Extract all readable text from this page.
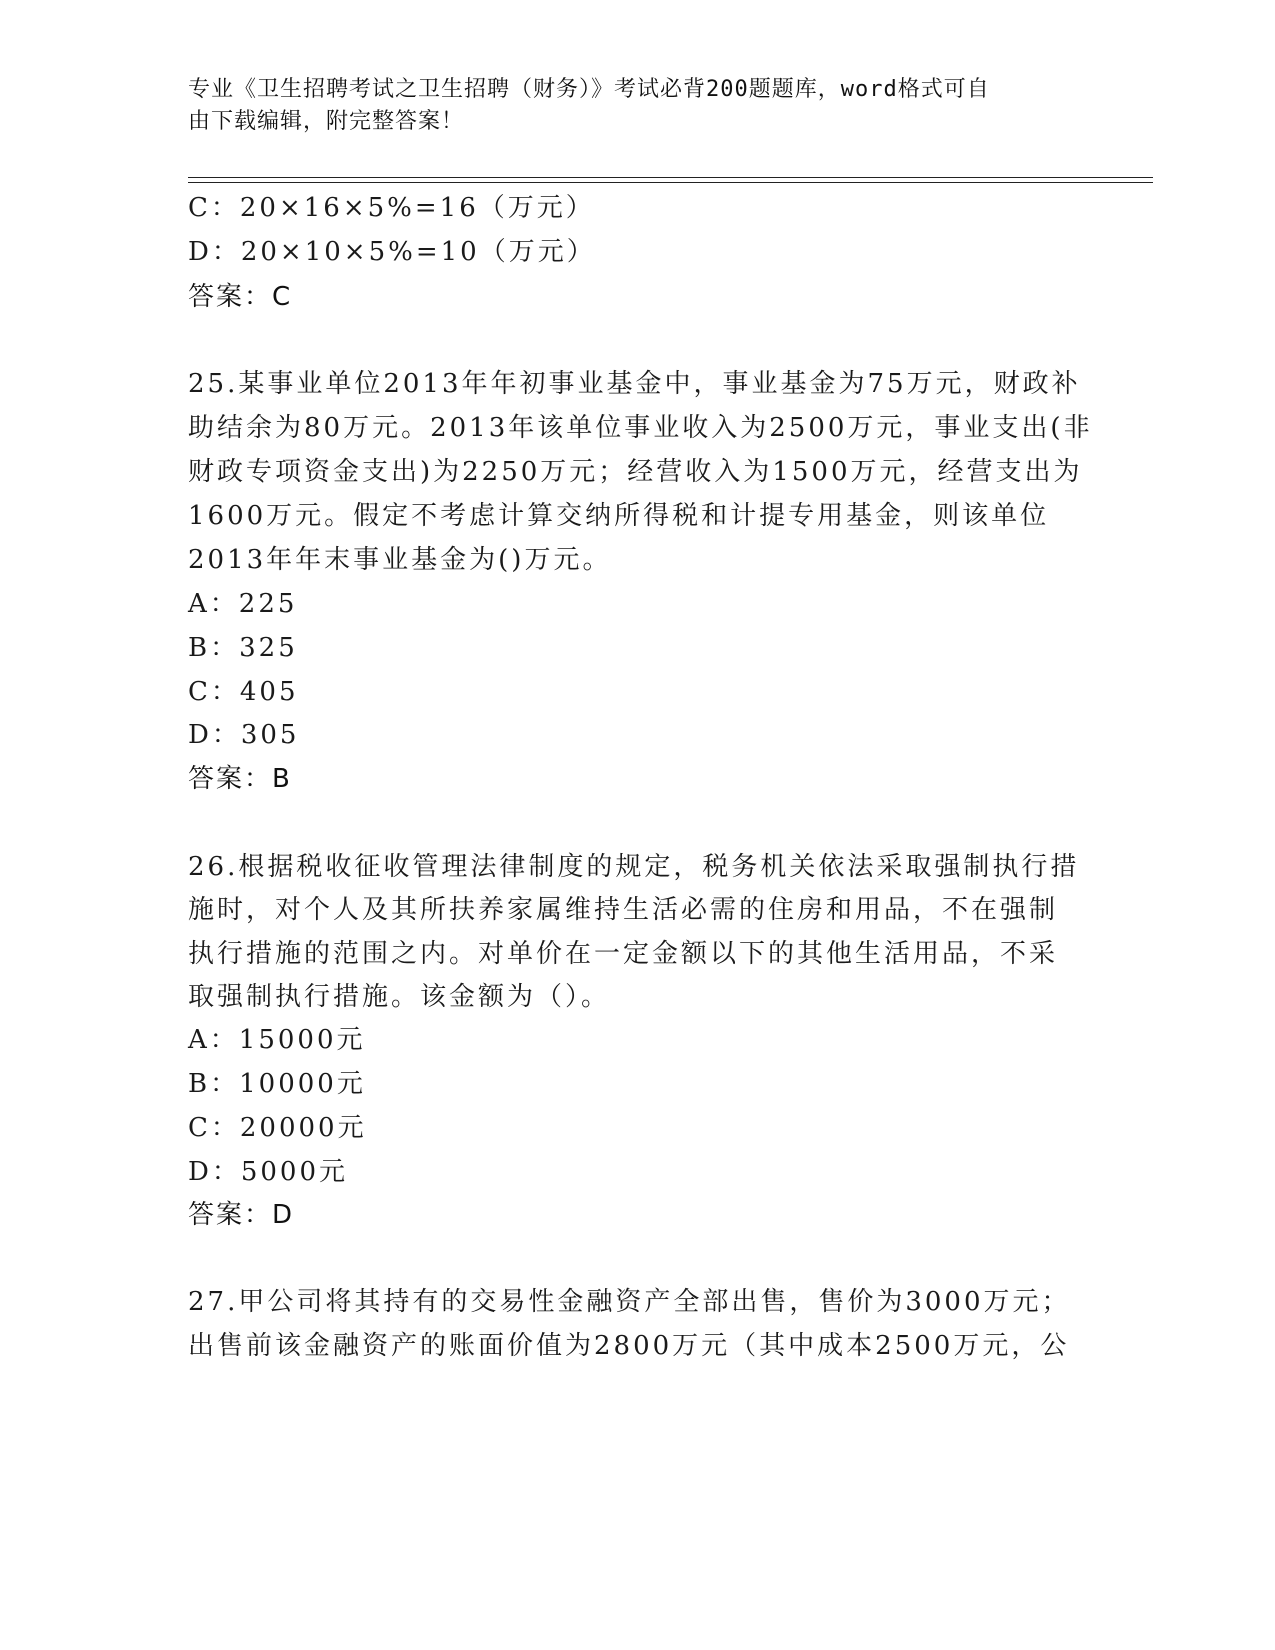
专业《卫生招聘考试之卫生招聘（财务）》考试必背200题题库，word格式可自
由下载编辑，附完整答案！
C：20×16×5%=16（万元）
D：20×10×5%=10（万元）
答案：C
25.某事业单位2013年年初事业基金中，事业基金为75万元，财政补
助结余为80万元。2013年该单位事业收入为2500万元，事业支出(非
财政专项资金支出)为2250万元；经营收入为1500万元，经营支出为
1600万元。假定不考虑计算交纳所得税和计提专用基金，则该单位
2013年年末事业基金为()万元。
A：225
B：325
C：405
D：305
答案：B
26.根据税收征收管理法律制度的规定，税务机关依法采取强制执行措
施时，对个人及其所扶养家属维持生活必需的住房和用品，不在强制
执行措施的范围之内。对单价在一定金额以下的其他生活用品，不采
取强制执行措施。该金额为（）。
A：15000元
B：10000元
C：20000元
D：5000元
答案：D
27.甲公司将其持有的交易性金融资产全部出售，售价为3000万元；
出售前该金融资产的账面价值为2800万元（其中成本2500万元，公
